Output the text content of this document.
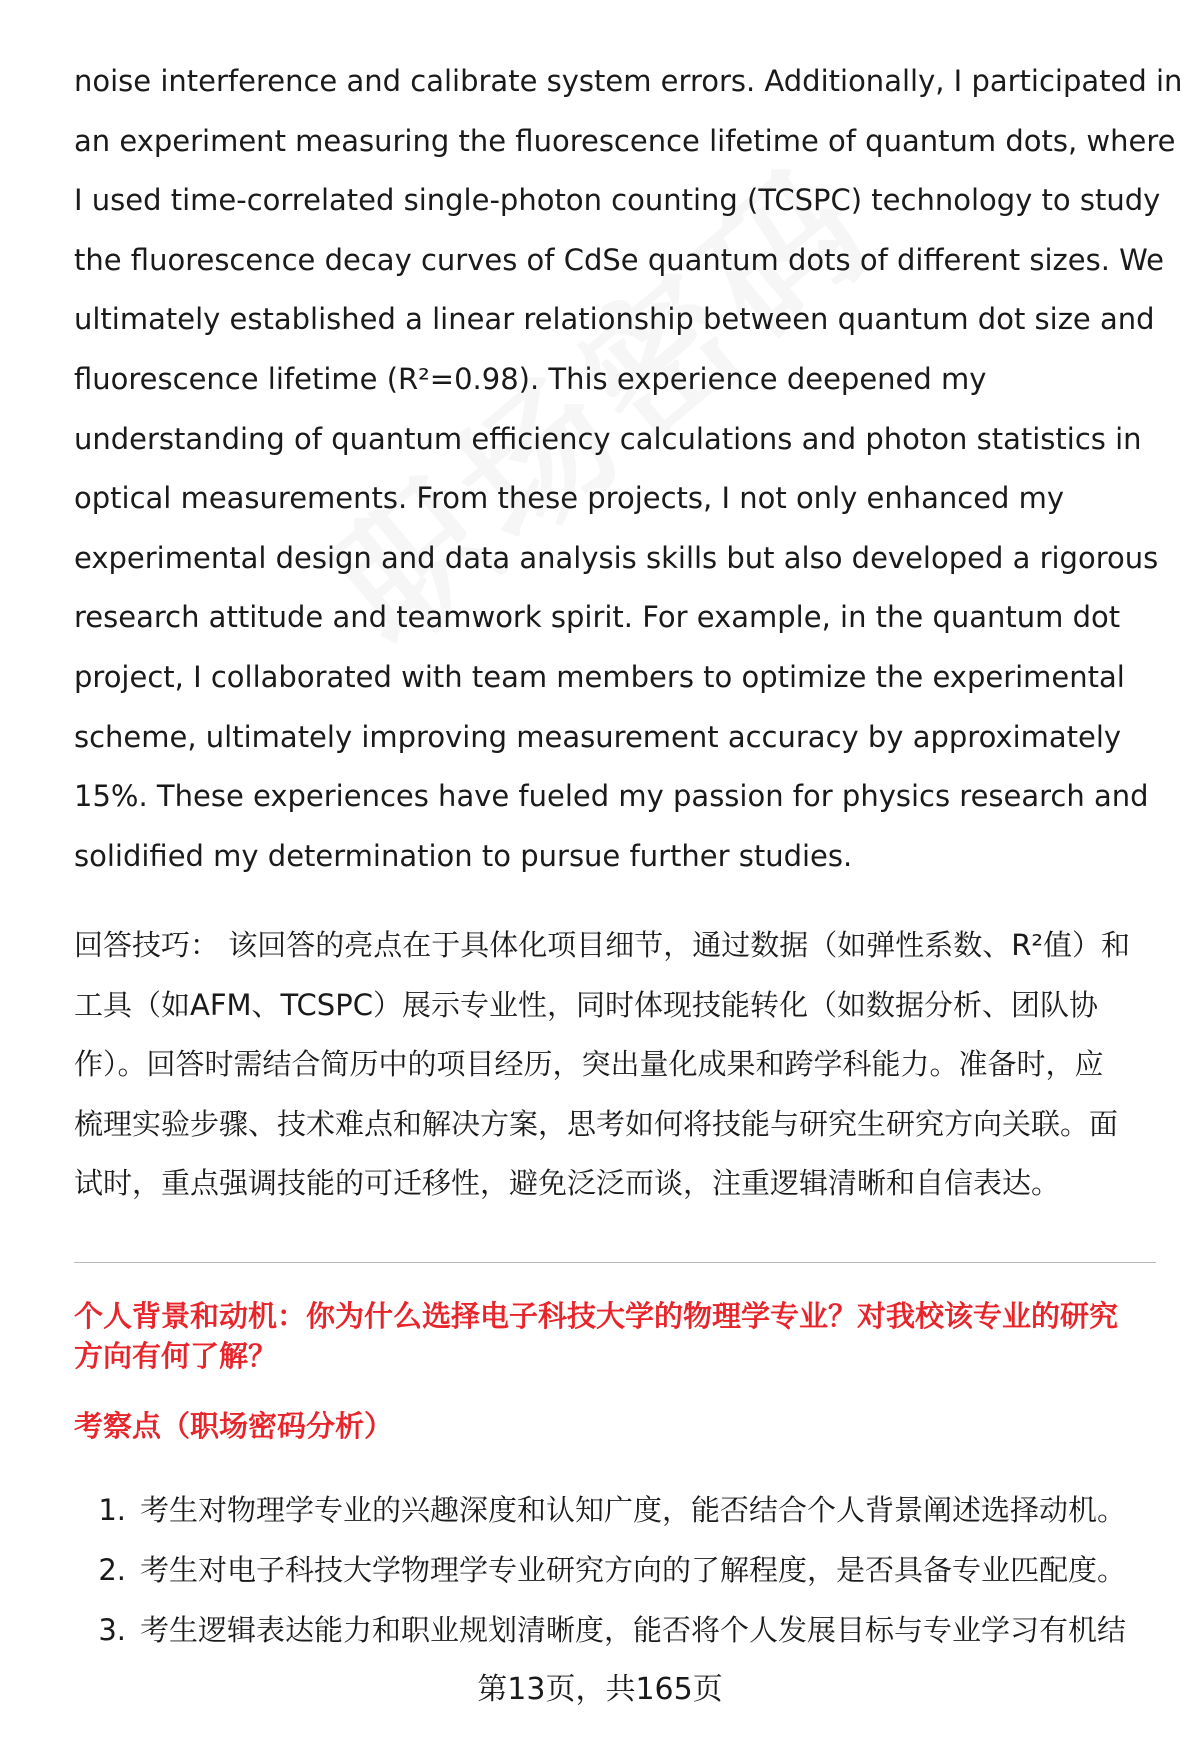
noise interference and calibrate system errors. Additionally, I participated in
an experiment measuring the fluorescence lifetime of quantum dots, where
I used time-correlated single-photon counting (TCSPC) technology to study
the fluorescence decay curves of CdSe quantum dots of different sizes. We
ultimately established a linear relationship between quantum dot size and
fluorescence lifetime (R²=0.98). This experience deepened my
understanding of quantum efficiency calculations and photon statistics in
optical measurements. From these projects, I not only enhanced my
experimental design and data analysis skills but also developed a rigorous
research attitude and teamwork spirit. For example, in the quantum dot
project, I collaborated with team members to optimize the experimental
scheme, ultimately improving measurement accuracy by approximately
15%. These experiences have fueled my passion for physics research and
solidified my determination to pursue further studies.
回答技巧： 该回答的亮点在于具体化项目细节，通过数据（如弹性系数、R²值）和
工具（如AFM、TCSPC）展示专业性，同时体现技能转化（如数据分析、团队协
作）。回答时需结合简历中的项目经历，突出量化成果和跨学科能力。准备时，应
梳理实验步骤、技术难点和解决方案，思考如何将技能与研究生研究方向关联。面
试时，重点强调技能的可迁移性，避免泛泛而谈，注重逻辑清晰和自信表达。
个人背景和动机：你为什么选择电子科技大学的物理学专业？对我校该专业的研究
方向有何了解？
考察点（职场密码分析）
1. 考生对物理学专业的兴趣深度和认知广度，能否结合个人背景阐述选择动机。
2. 考生对电子科技大学物理学专业研究方向的了解程度，是否具备专业匹配度。
3. 考生逻辑表达能力和职业规划清晰度，能否将个人发展目标与专业学习有机结
第13页，共165页
